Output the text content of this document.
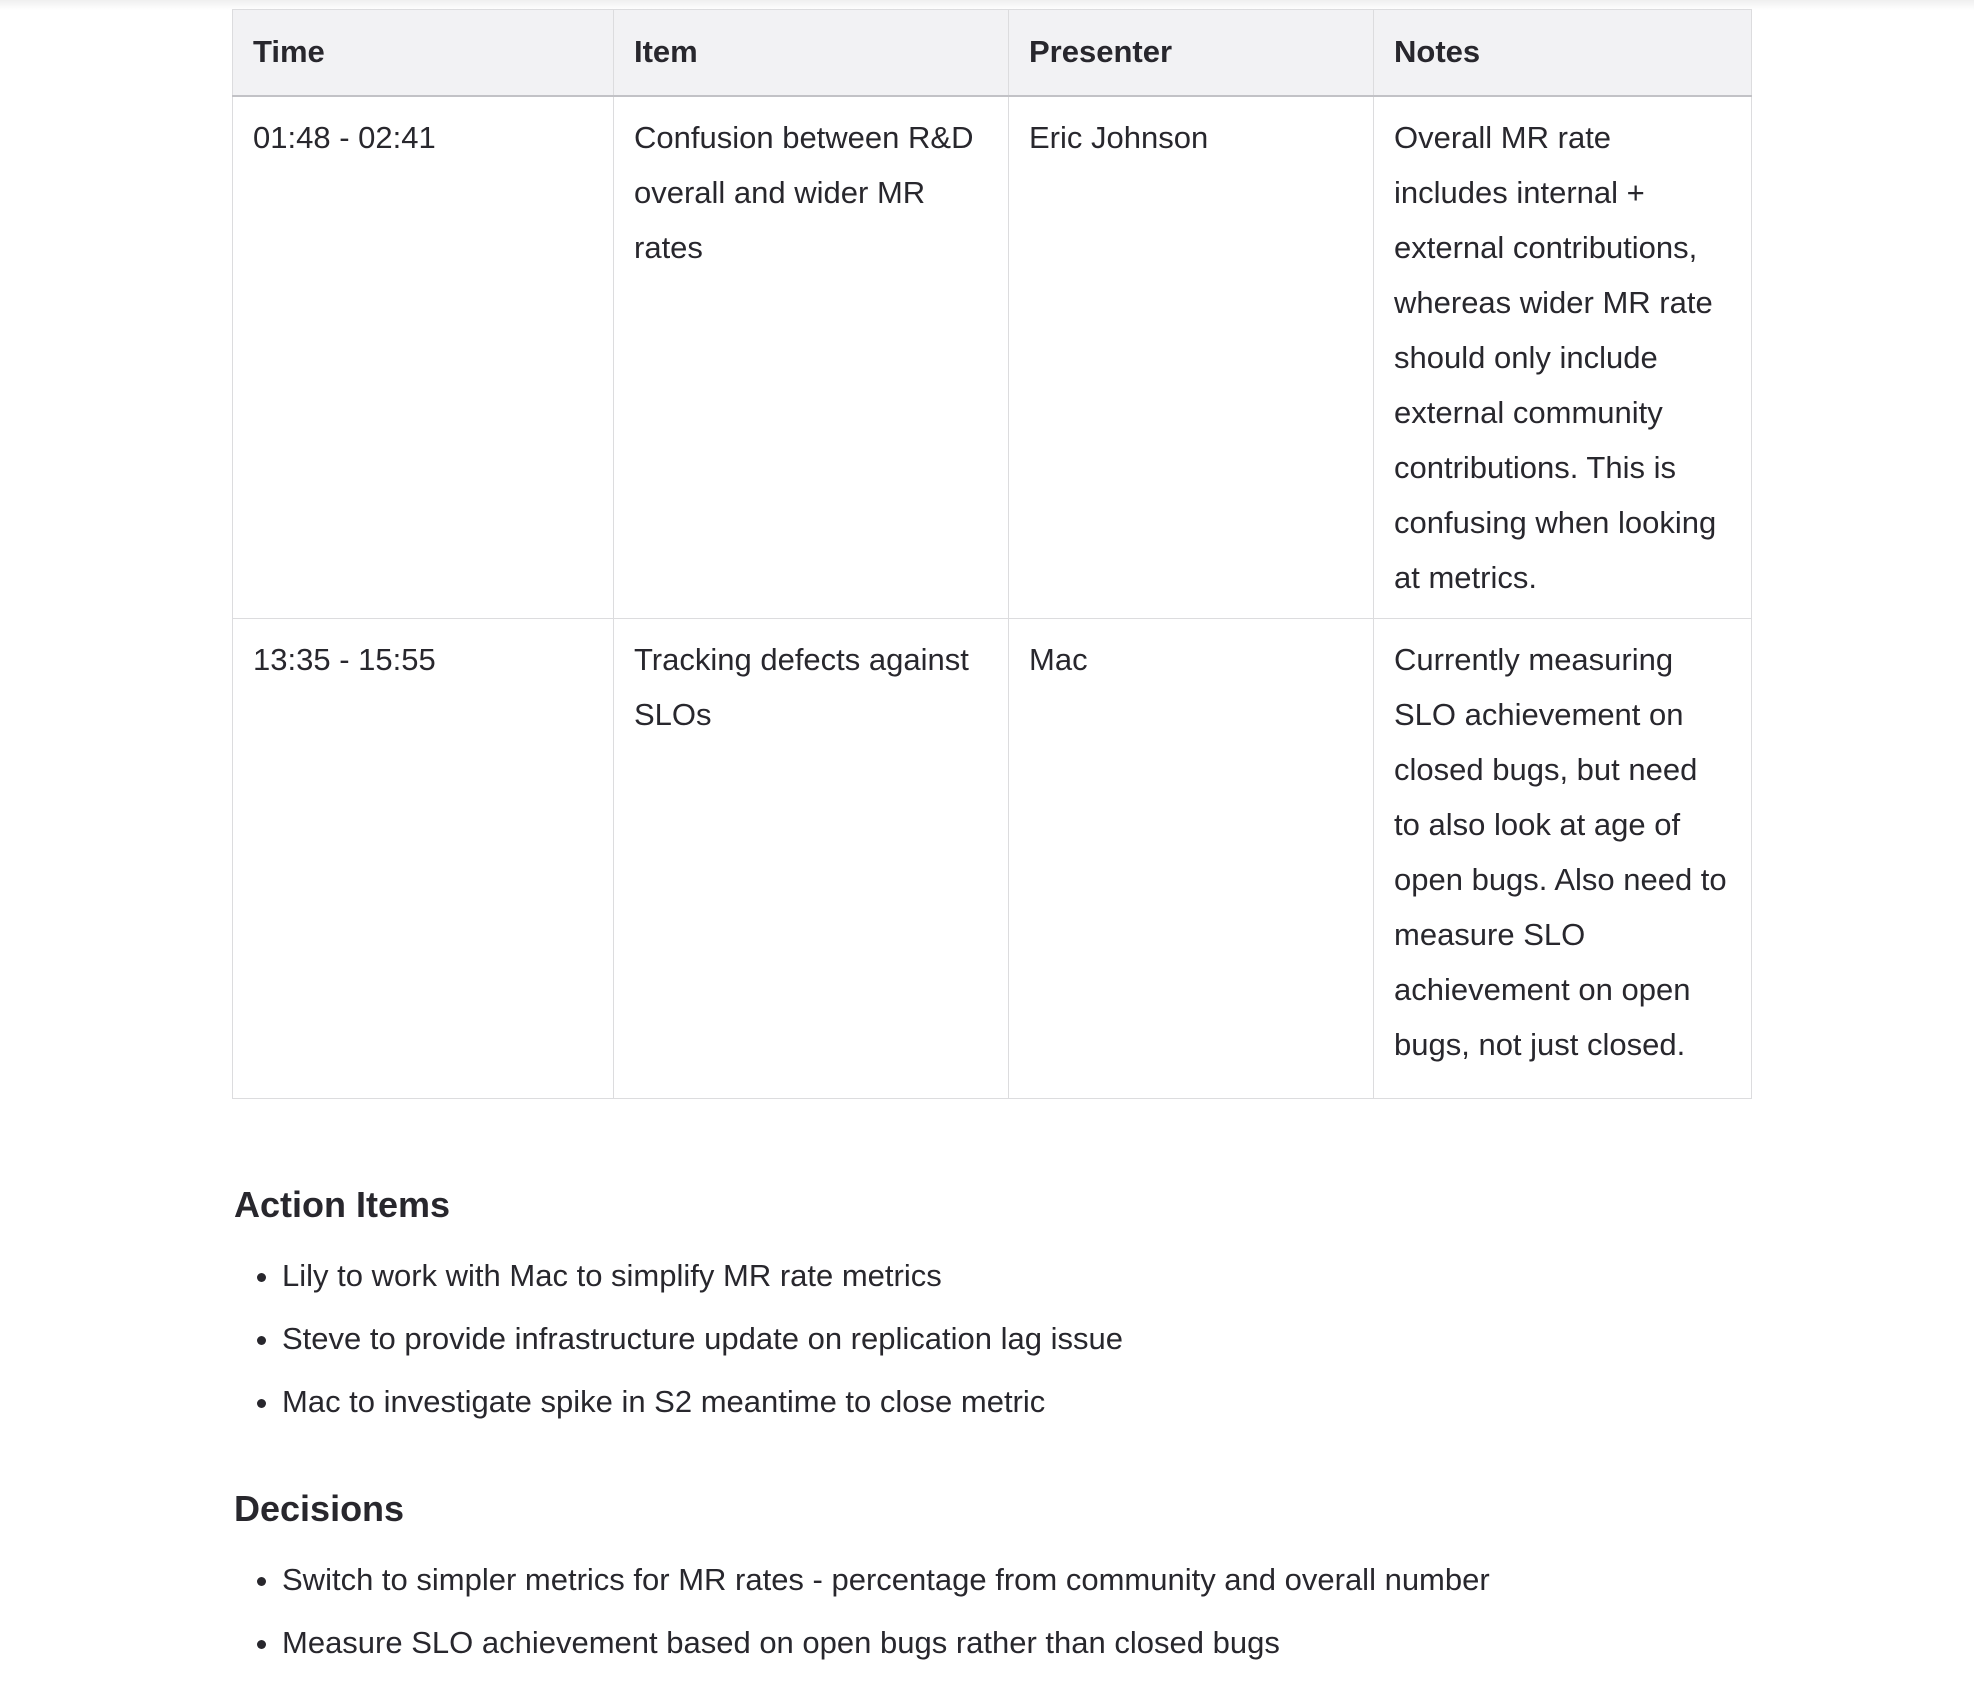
Time	Item	Presenter	Notes
01:48 - 02:41	Confusion between R&D overall and wider MR rates	Eric Johnson	Overall MR rate includes internal + external contributions, whereas wider MR rate should only include external community contributions. This is confusing when looking at metrics.
13:35 - 15:55	Tracking defects against SLOs	Mac	Currently measuring SLO achievement on closed bugs, but need to also look at age of open bugs. Also need to measure SLO achievement on open bugs, not just closed.
Action Items
• Lily to work with Mac to simplify MR rate metrics
• Steve to provide infrastructure update on replication lag issue
• Mac to investigate spike in S2 meantime to close metric
Decisions
• Switch to simpler metrics for MR rates - percentage from community and overall number
• Measure SLO achievement based on open bugs rather than closed bugs
